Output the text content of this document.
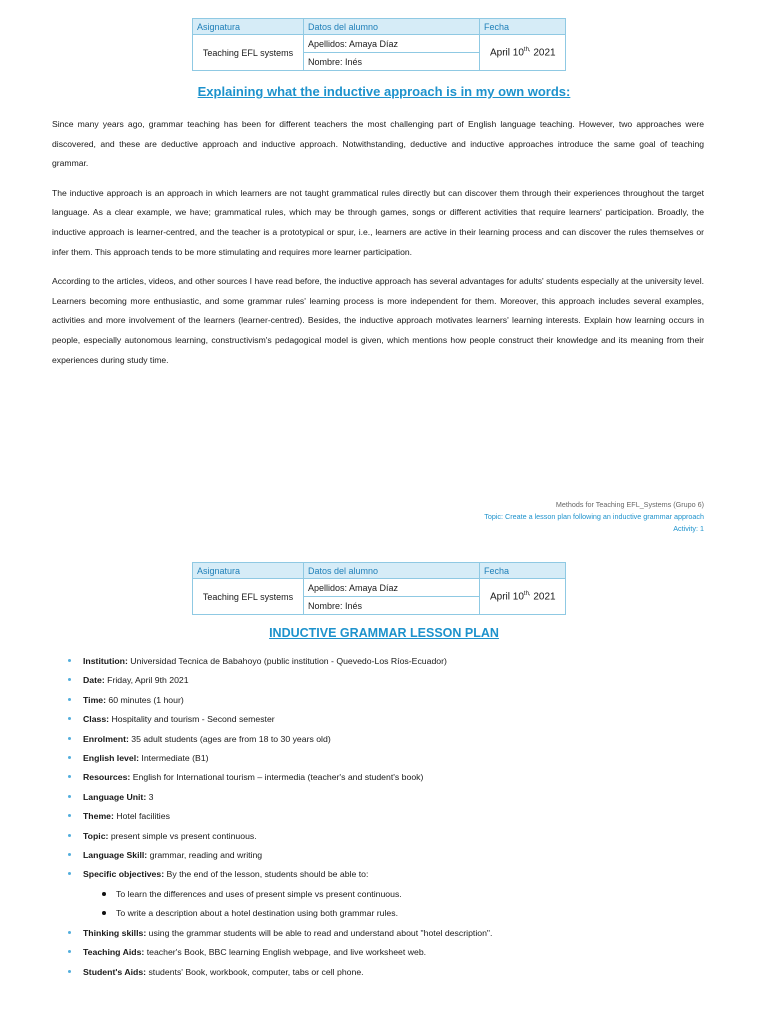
Asignatura	Datos del alumno	Fecha
Teaching EFL systems	Apellidos: Amaya Díaz	April $10^{th,}$ 2021
	Nombre: Inés	
Explaining what the inductive approach is in my own words:

Since many years ago, grammar teaching has been for different teachers the most challenging part of English language teaching. However, two approaches were discovered, and these are deductive approach and inductive approach. Notwithstanding, deductive and inductive approaches introduce the same goal of teaching grammar.

The inductive approach is an approach in which learners are not taught grammatical rules directly but can discover them through their experiences throughout the target language. As a clear example, we have; grammatical rules, which may be through games, songs or different activities that require learners' participation. Broadly, the inductive approach is learner-centred, and the teacher is a prototypical or spur, i.e., learners are active in their learning process and can discover the rules themselves or infer them. This approach tends to be more stimulating and requires more learner participation.

According to the articles, videos, and other sources I have read before, the inductive approach has several advantages for adults' students especially at the university level. Learners becoming more enthusiastic, and some grammar rules' learning process is more independent for them. Moreover, this approach includes several examples, activities and more involvement of the learners (learner-centred). Besides, the inductive approach motivates learners' learning interests. Explain how learning occurs in people, especially autonomous learning, constructivism's pedagogical model is given, which mentions how people construct their knowledge and its meaning from their experiences during study time.

Methods for Teaching EFL_Systems (Grupo 6)
Topic: Create a lesson plan following an inductive grammar approach
Activity: 1
Asignatura	Datos del alumno	Fecha
Teaching EFL systems	Apellidos: Amaya Díaz	April $10^{th,}$ 2021
	Nombre: Inés	
INDUCTIVE GRAMMAR LESSON PLAN
Institution: Universidad Tecnica de Babahoyo (public institution - Quevedo-Los Ríos-Ecuador)
Date: Friday, April 9th 2021
Time: 60 minutes (1 hour)
Class: Hospitality and tourism - Second semester
Enrolment: 35 adult students (ages are from 18 to 30 years old)
English level: Intermediate (B1)
Resources: English for International tourism – intermedia (teacher's and student's book)
Language Unit: 3
Theme: Hotel facilities
Topic: present simple vs present continuous.
Language Skill: grammar, reading and writing
Specific objectives: By the end of the lesson, students should be able to:
To learn the differences and uses of present simple vs present continuous.
To write a description about a hotel destination using both grammar rules.
Thinking skills: using the grammar students will be able to read and understand about "hotel description".
Teaching Aids: teacher's Book, BBC learning English webpage, and live worksheet web.
Student's Aids: students' Book, workbook, computer, tabs or cell phone.
